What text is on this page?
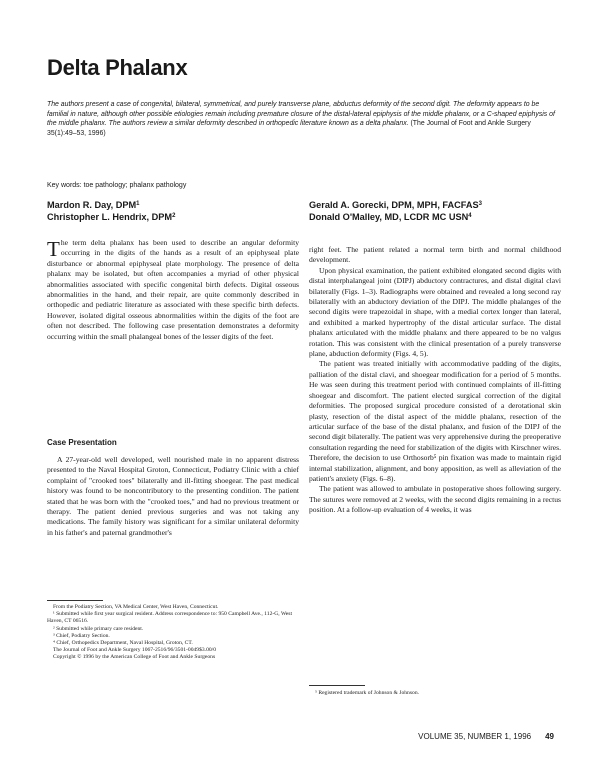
Delta Phalanx

The authors present a case of congenital, bilateral, symmetrical, and purely transverse plane, abductus deformity of the second digit. The deformity appears to be familial in nature, although other possible etiologies remain including premature closure of the distal-lateral epiphysis of the middle phalanx, or a C-shaped epiphysis of the middle phalanx. The authors review a similar deformity described in orthopedic literature known as a delta phalanx. (The Journal of Foot and Ankle Surgery 35(1):49–53, 1996)

Key words: toe pathology; phalanx pathology

Mardon R. Day, DPM$^1$
Christopher L. Hendrix, DPM$^2$
Gerald A. Gorecki, DPM, MPH, FACFAS$^3$
Donald O'Malley, MD, LCDR MC USN$^4$

The term delta phalanx has been used to describe an angular deformity occurring in the digits of the hands as a result of an epiphyseal plate disturbance or abnormal epiphyseal plate morphology. The presence of delta phalanx may be isolated, but often accompanies a myriad of other physical abnormalities associated with specific congenital birth defects. Digital osseous abnormalities in the hand, and their repair, are quite commonly described in orthopedic and pediatric literature as associated with these specific birth defects. However, isolated digital osseous abnormalities within the digits of the foot are often not described. The following case presentation demonstrates a deformity occurring within the small phalangeal bones of the lesser digits of the feet.

Case Presentation

A 27-year-old well developed, well nourished male in no apparent distress presented to the Naval Hospital Groton, Connecticut, Podiatry Clinic with a chief complaint of "crooked toes" bilaterally and ill-fitting shoegear. The past medical history was found to be noncontributory to the presenting condition. The patient stated that he was born with the "crooked toes," and had no previous treatment or therapy. The patient denied previous surgeries and was not taking any medications. The family history was significant for a similar unilateral deformity in his father's and paternal grandmother's

From the Podiatry Section, VA Medical Center, West Haven, Connecticut.
¹ Submitted while first year surgical resident. Address correspondence to: 950 Campbell Ave., 112-G, West Haven, CT 06516.
² Submitted while primary care resident.
³ Chief, Podiatry Section.
⁴ Chief, Orthopedics Department, Naval Hospital, Groton, CT.
The Journal of Foot and Ankle Surgery 1067-2516/96/3501-0049$3.00/0
Copyright © 1996 by the American College of Foot and Ankle Surgeons

right feet. The patient related a normal term birth and normal childhood development.

Upon physical examination, the patient exhibited elongated second digits with distal interphalangeal joint (DIPJ) abductory contractures, and distal digital clavi bilaterally (Figs. 1–3). Radiographs were obtained and revealed a long second ray bilaterally with an abductory deviation of the DIPJ. The middle phalanges of the second digits were trapezoidal in shape, with a medial cortex longer than lateral, and exhibited a marked hypertrophy of the distal articular surface. The distal phalanx articulated with the middle phalanx and there appeared to be no valgus rotation. This was consistent with the clinical presentation of a purely transverse plane, abduction deformity (Figs. 4, 5).

The patient was treated initially with accommodative padding of the digits, palliation of the distal clavi, and shoegear modification for a period of 5 months. He was seen during this treatment period with continued complaints of ill-fitting shoegear and discomfort. The patient elected surgical correction of the digital deformities. The proposed surgical procedure consisted of a derotational skin plasty, resection of the distal aspect of the middle phalanx, resection of the articular surface of the base of the distal phalanx, and fusion of the DIPJ of the second digit bilaterally. The patient was very apprehensive during the preoperative consultation regarding the need for stabilization of the digits with Kirschner wires. Therefore, the decision to use Orthosorb⁵ pin fixation was made to maintain rigid internal stabilization, alignment, and bony apposition, as well as alleviation of the patient's anxiety (Figs. 6–8).

The patient was allowed to ambulate in postoperative shoes following surgery. The sutures were removed at 2 weeks, with the second digits remaining in a rectus position. At a follow-up evaluation of 4 weeks, it was

⁵ Registered trademark of Johnson & Johnson.
VOLUME 35, NUMBER 1, 1996 49
